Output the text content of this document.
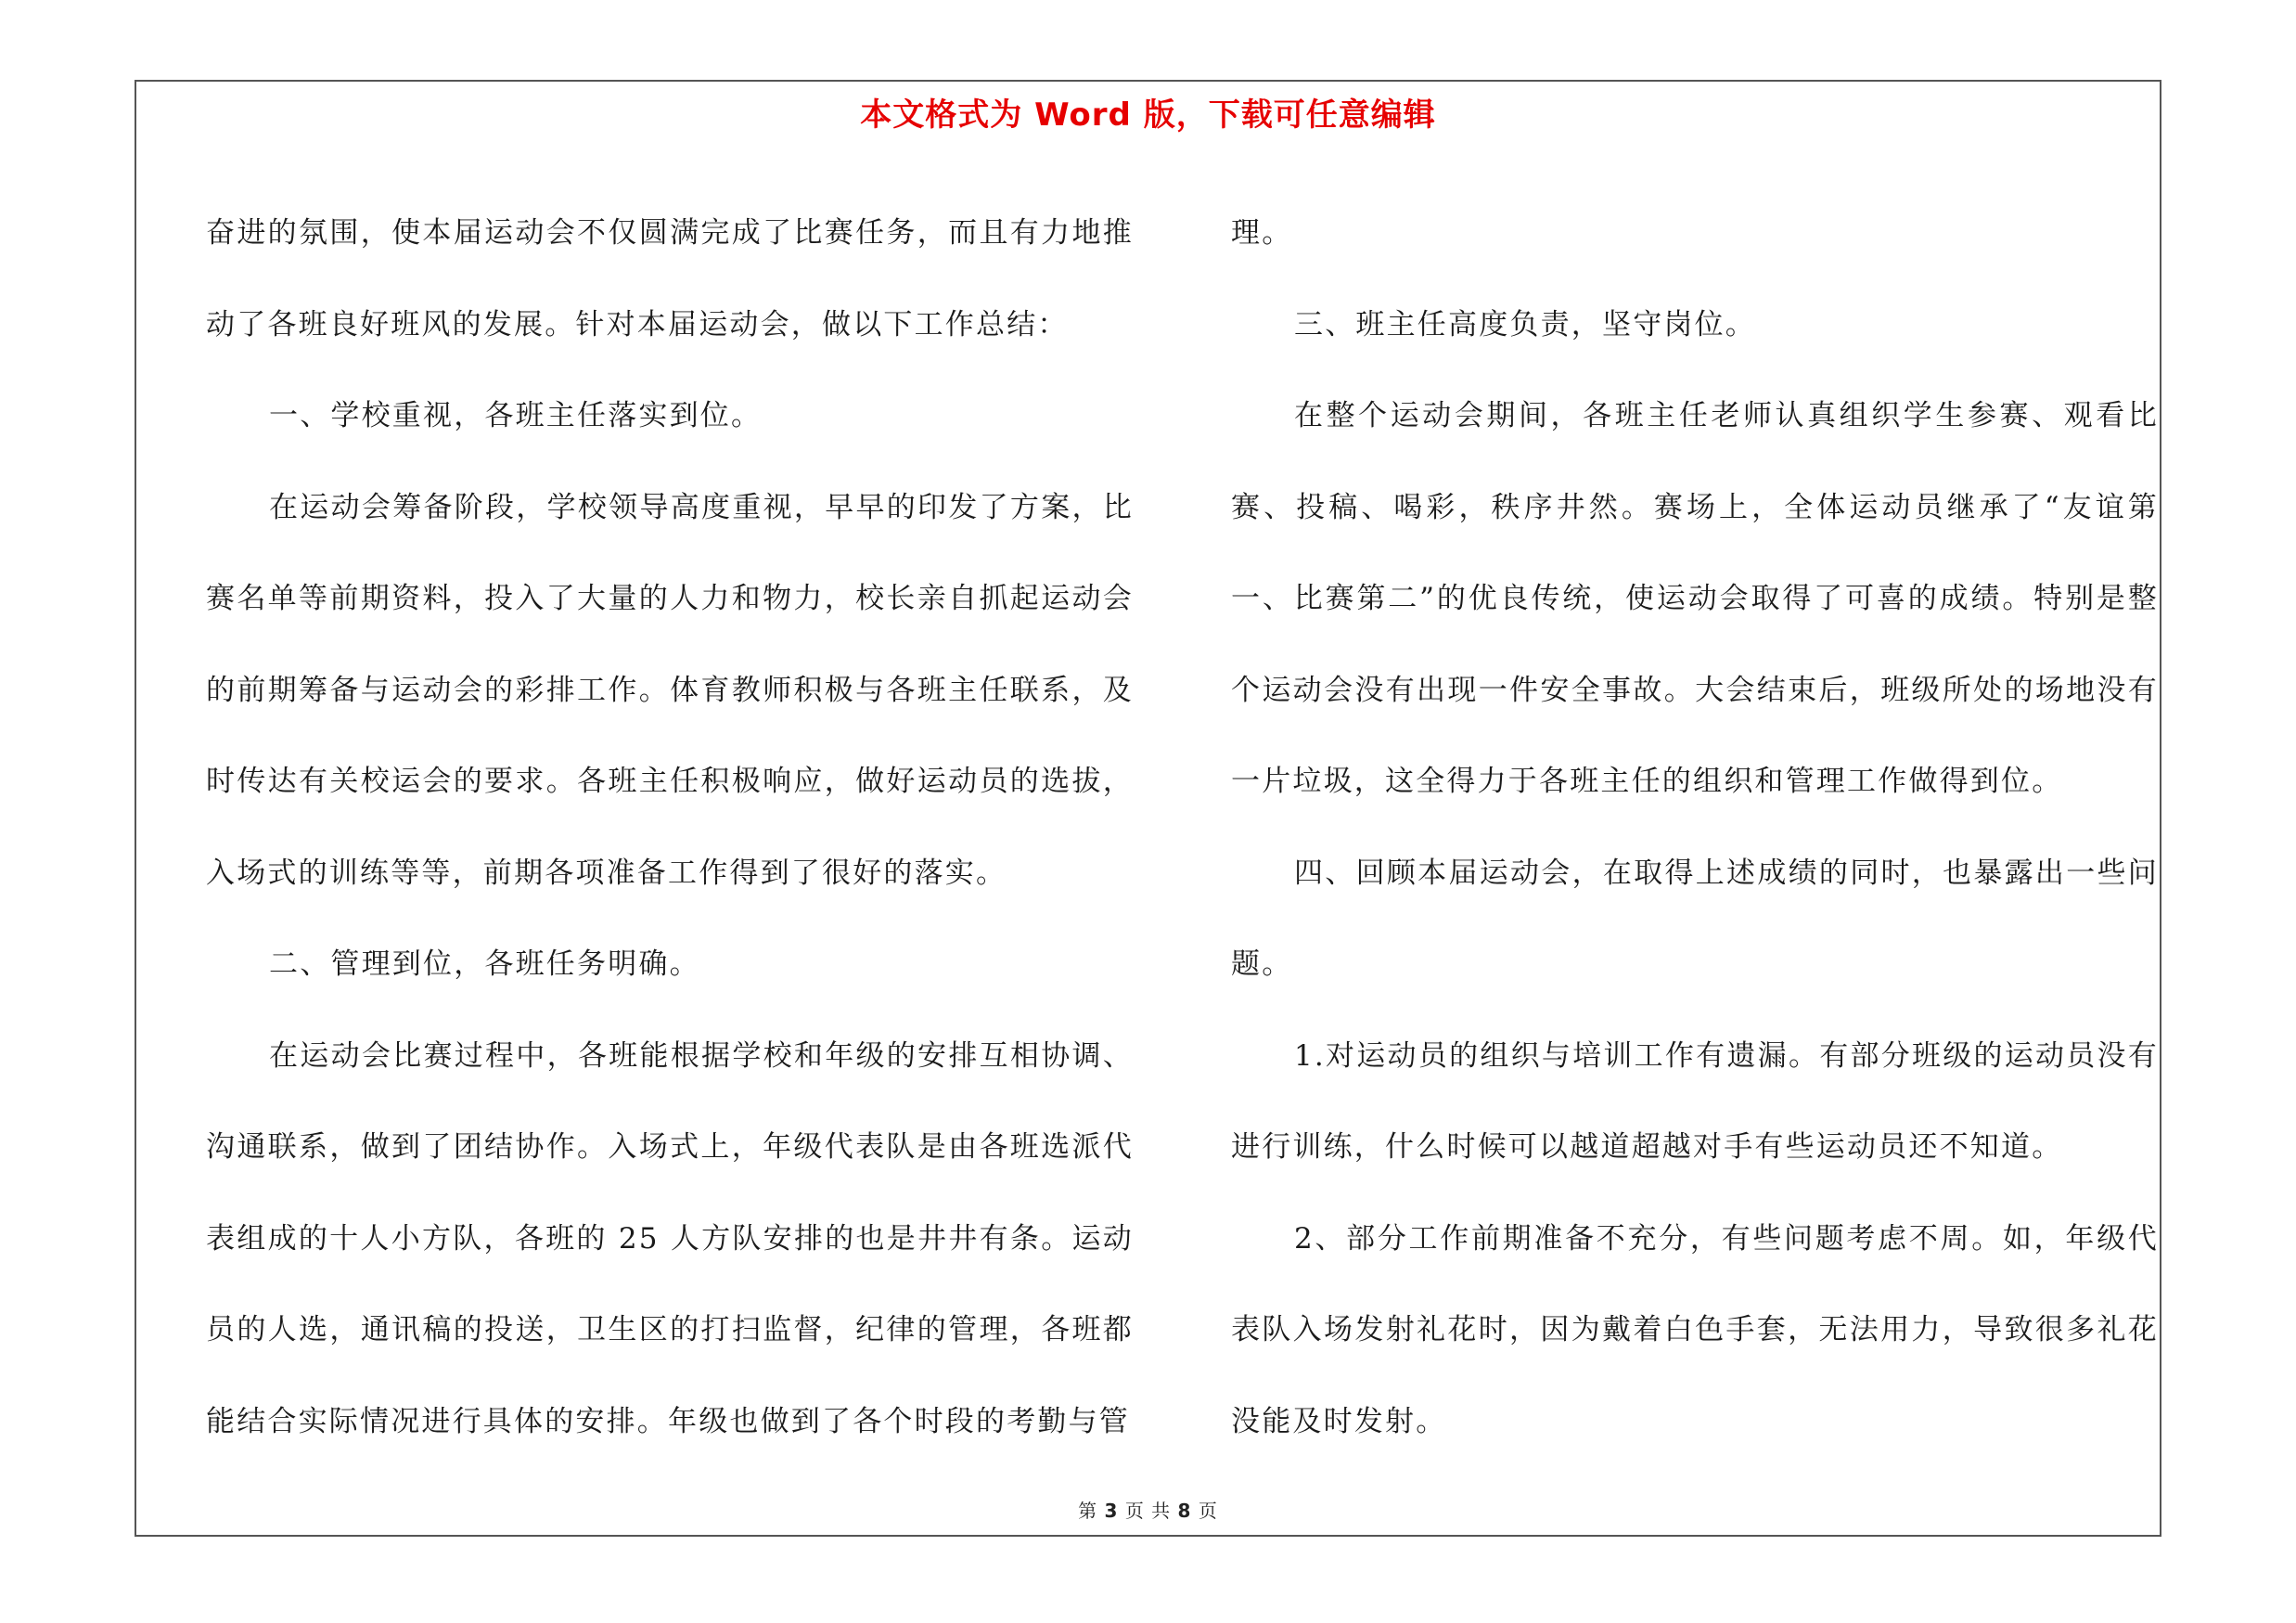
本文格式为 Word 版，下载可任意编辑

奋进的氛围，使本届运动会不仅圆满完成了比赛任务，而且有力地推动了各班良好班风的发展。针对本届运动会，做以下工作总结：

一、学校重视，各班主任落实到位。

在运动会筹备阶段，学校领导高度重视，早早的印发了方案，比赛名单等前期资料，投入了大量的人力和物力，校长亲自抓起运动会的前期筹备与运动会的彩排工作。体育教师积极与各班主任联系，及时传达有关校运会的要求。各班主任积极响应，做好运动员的选拔，入场式的训练等等，前期各项准备工作得到了很好的落实。

二、管理到位，各班任务明确。

在运动会比赛过程中，各班能根据学校和年级的安排互相协调、沟通联系，做到了团结协作。入场式上，年级代表队是由各班选派代表组成的十人小方队，各班的 25 人方队安排的也是井井有条。运动员的人选，通讯稿的投送，卫生区的打扫监督，纪律的管理，各班都能结合实际情况进行具体的安排。年级也做到了各个时段的考勤与管

理。

三、班主任高度负责，坚守岗位。

在整个运动会期间，各班主任老师认真组织学生参赛、观看比赛、投稿、喝彩，秩序井然。赛场上，全体运动员继承了“友谊第一、比赛第二”的优良传统，使运动会取得了可喜的成绩。特别是整个运动会没有出现一件安全事故。大会结束后，班级所处的场地没有一片垃圾，这全得力于各班主任的组织和管理工作做得到位。

四、回顾本届运动会，在取得上述成绩的同时，也暴露出一些问题。

1.对运动员的组织与培训工作有遗漏。有部分班级的运动员没有进行训练，什么时候可以越道超越对手有些运动员还不知道。

2、部分工作前期准备不充分，有些问题考虑不周。如，年级代表队入场发射礼花时，因为戴着白色手套，无法用力，导致很多礼花没能及时发射。

第 3 页 共 8 页
